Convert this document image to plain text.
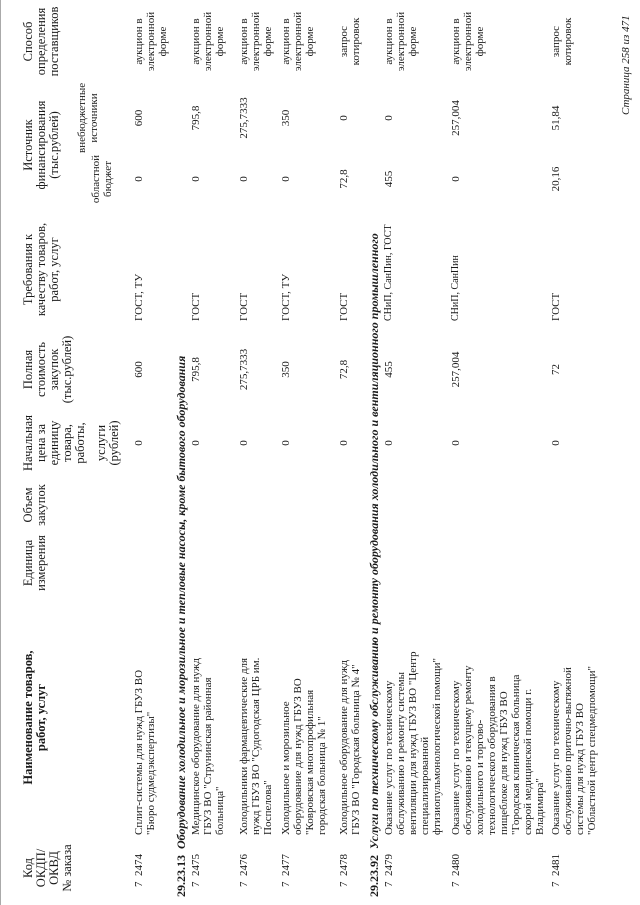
Код ОКДП/ ОКВД № заказа
Наименование товаров, работ, услуг
Единица измерения
Объем закупок
Начальная цена за единицу товара, работы, услуги (рублей)
Полная стоимость закупок (тыс.рублей)
Требования к качеству товаров, работ, услуг
Источник финансирования (тыс.рублей)
областной бюджет
внебюджетные источники
Способ определения поставщиков
7  2474
Сплит-системы для нужд ГБУЗ ВО "Бюро судмедэкспертизы"
0
600
ГОСТ, ТУ
0
600
аукцион в электронной форме
29.23.13Оборудование холодильное и морозильное и тепловые насосы, кроме бытового оборудования
7  2475
Медицинское оборудование для нужд ГБУЗ ВО "Струнинская районная больница"
0
795,8
ГОСТ
0
795,8
аукцион в электронной форме
7  2476
Холодильники фармацевтические для нужд ГБУЗ ВО "Судогодская ЦРБ им. Поспелова"
0
275,7333
ГОСТ
0
275,7333
аукцион в электронной форме
7  2477
Холодильное и морозильное оборудование для нужд ГБУЗ ВО "Ковровская многопрофильная городская больница № 1"
0
350
ГОСТ, ТУ
0
350
аукцион в электронной форме
7  2478
Холодильное оборудование для нужд ГБУЗ ВО "Городская больница № 4"
0
72,8
ГОСТ
72,8
0
запрос котировок
29.23.92Услуги по техническому обслуживанию и ремонту оборудования холодильного и вентиляционного промышленного
7  2479
Оказание услуг по техническому обслуживанию и ремонту системы вентиляции для нужд ГБУЗ ВО "Центр специализированной фтизиопульмонологической помощи"
0
455
СНиП, СанПин, ГОСТ
455
0
аукцион в электронной форме
7  2480
Оказание услуг по техническому обслуживанию и текущему ремонту холодильного и торгово- технологического оборудования в пищеблоке для нужд ГБУЗ ВО "Городская клиническая больница скорой медицинской помощи г. Владимира"
0
257,004
СНиП, СанПин
0
257,004
аукцион в электронной форме
7  2481
Оказание услуг по техническому обслуживанию приточно-вытяжной системы для нужд ГБУЗ ВО "Областной центр спецмедпомощи"
0
72
ГОСТ
20,16
51,84
запрос котировок	Страница 258 из 471
